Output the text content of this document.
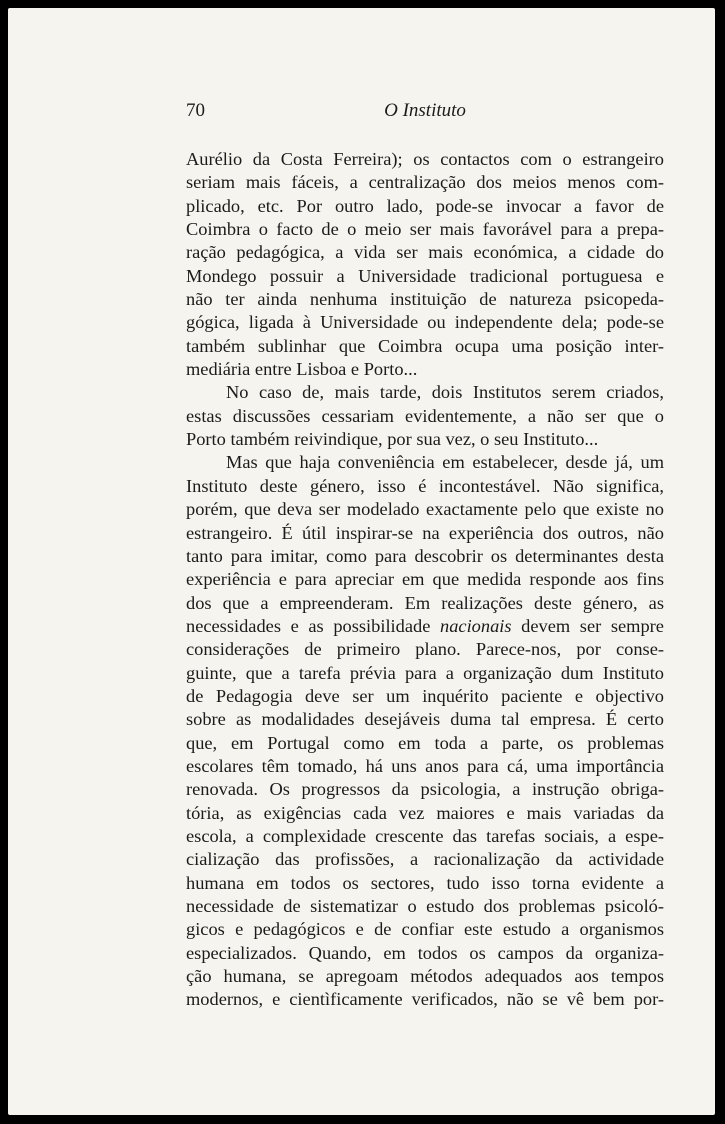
70	O Instituto
Aurélio da Costa Ferreira); os contactos com o estrangeiro
seriam mais fáceis, a centralização dos meios menos com-
plicado, etc. Por outro lado, pode-se invocar a favor de
Coimbra o facto de o meio ser mais favorável para a prepa-
ração pedagógica, a vida ser mais económica, a cidade do
Mondego possuir a Universidade tradicional portuguesa e
não ter ainda nenhuma instituição de natureza psicopeda-
gógica, ligada à Universidade ou independente dela; pode-se
também sublinhar que Coimbra ocupa uma posição inter-
mediária entre Lisboa e Porto...
No caso de, mais tarde, dois Institutos serem criados,
estas discussões cessariam evidentemente, a não ser que o
Porto também reivindique, por sua vez, o seu Instituto...
Mas que haja conveniência em estabelecer, desde já, um
Instituto deste género, isso é incontestável. Não significa,
porém, que deva ser modelado exactamente pelo que existe no
estrangeiro. É útil inspirar-se na experiência dos outros, não
tanto para imitar, como para descobrir os determinantes desta
experiência e para apreciar em que medida responde aos fins
dos que a empreenderam. Em realizações deste género, as
necessidades e as possibilidade nacionais devem ser sempre
considerações de primeiro plano. Parece-nos, por conse-
guinte, que a tarefa prévia para a organização dum Instituto
de Pedagogia deve ser um inquérito paciente e objectivo
sobre as modalidades desejáveis duma tal empresa. É certo
que, em Portugal como em toda a parte, os problemas
escolares têm tomado, há uns anos para cá, uma importância
renovada. Os progressos da psicologia, a instrução obriga-
tória, as exigências cada vez maiores e mais variadas da
escola, a complexidade crescente das tarefas sociais, a espe-
cialização das profissões, a racionalização da actividade
humana em todos os sectores, tudo isso torna evidente a
necessidade de sistematizar o estudo dos problemas psicoló-
gicos e pedagógicos e de confiar este estudo a organismos
especializados. Quando, em todos os campos da organiza-
ção humana, se apregoam métodos adequados aos tempos
modernos, e cientìficamente verificados, não se vê bem por-
